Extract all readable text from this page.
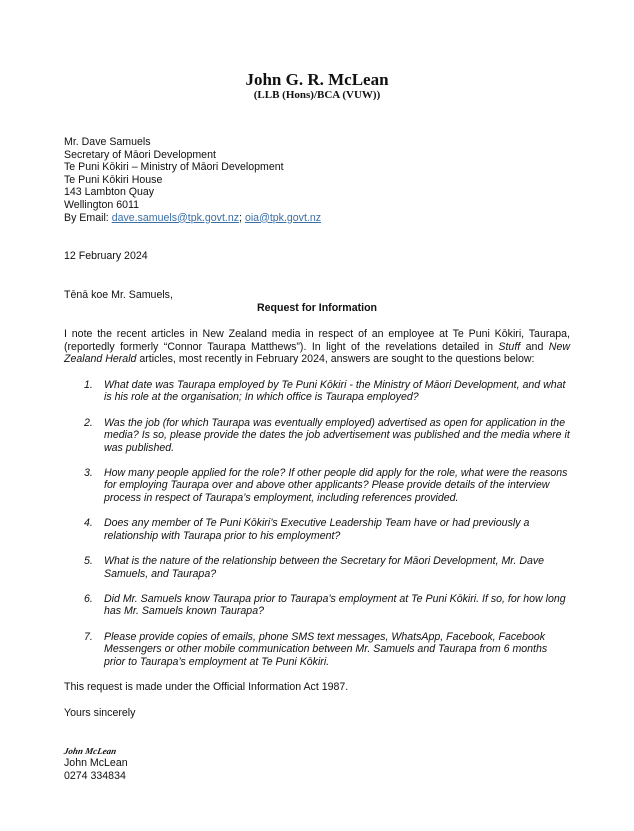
John G. R. McLean
(LLB (Hons)/BCA (VUW))
Mr. Dave Samuels
Secretary of Māori Development
Te Puni Kōkiri – Ministry of Māori Development
Te Puni Kōkiri House
143 Lambton Quay
Wellington 6011
By Email: dave.samuels@tpk.govt.nz; oia@tpk.govt.nz
12 February 2024
Tēnā koe Mr. Samuels,
Request for Information
I note the recent articles in New Zealand media in respect of an employee at Te Puni Kōkiri, Taurapa, (reportedly formerly “Connor Taurapa Matthews”). In light of the revelations detailed in Stuff and New Zealand Herald articles, most recently in February 2024, answers are sought to the questions below:
1.	What date was Taurapa employed by Te Puni Kōkiri - the Ministry of Māori Development, and what is his role at the organisation; In which office is Taurapa employed?
2.	Was the job (for which Taurapa was eventually employed) advertised as open for application in the media? Is so, please provide the dates the job advertisement was published and the media where it was published.
3.	How many people applied for the role? If other people did apply for the role, what were the reasons for employing Taurapa over and above other applicants? Please provide details of the interview process in respect of Taurapa’s employment, including references provided.
4.	Does any member of Te Puni Kōkiri’s Executive Leadership Team have or had previously a relationship with Taurapa prior to his employment?
5.	What is the nature of the relationship between the Secretary for Māori Development, Mr. Dave Samuels, and Taurapa?
6.	Did Mr. Samuels know Taurapa prior to Taurapa’s employment at Te Puni Kōkiri. If so, for how long has Mr. Samuels known Taurapa?
7.	Please provide copies of emails, phone SMS text messages, WhatsApp, Facebook, Facebook Messengers or other mobile communication between Mr. Samuels and Taurapa from 6 months prior to Taurapa’s employment at Te Puni Kōkiri.
This request is made under the Official Information Act 1987.
Yours sincerely
John McLean
John McLean
0274 334834
